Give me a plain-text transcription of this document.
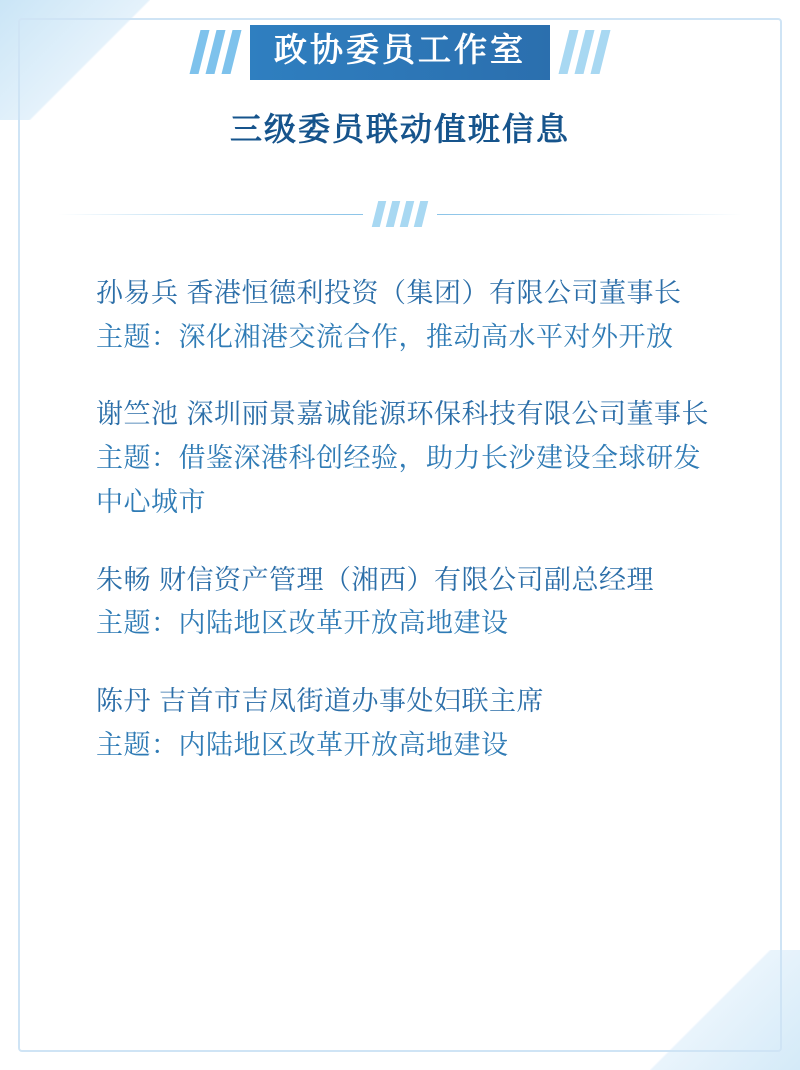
政协委员工作室
三级委员联动值班信息
孙易兵 香港恒德利投资（集团）有限公司董事长
主题：深化湘港交流合作，推动高水平对外开放
谢竺池 深圳丽景嘉诚能源环保科技有限公司董事长
主题：借鉴深港科创经验，助力长沙建设全球研发中心城市
朱畅 财信资产管理（湘西）有限公司副总经理
主题：内陆地区改革开放高地建设
陈丹 吉首市吉凤街道办事处妇联主席
主题：内陆地区改革开放高地建设
